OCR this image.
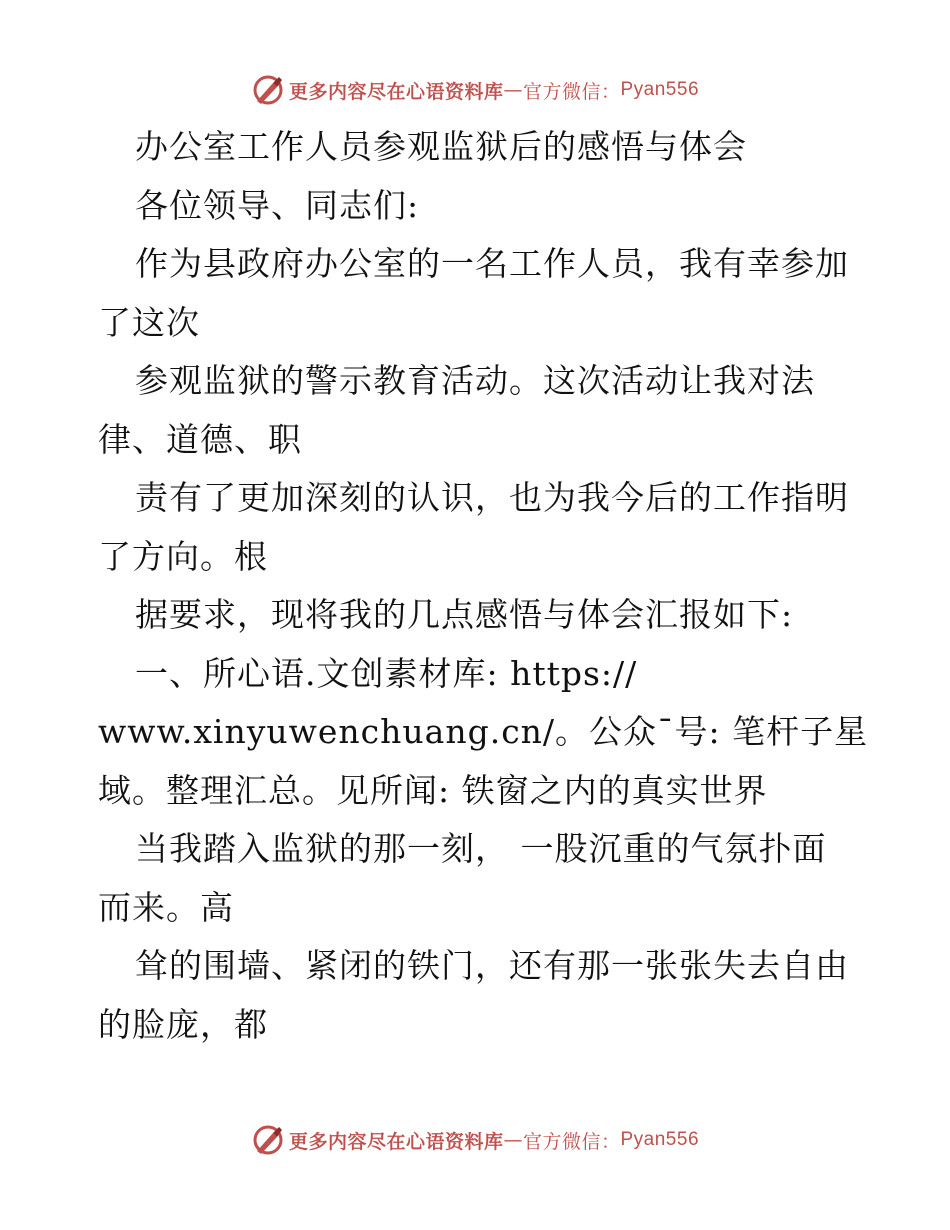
更多内容尽在心语资料库 — 官方微信： Pyan556
办公室工作人员参观监狱后的感悟与体会
各位领导、同志们:
作为县政府办公室的一名工作人员，我有幸参加
了这次
参观监狱的警示教育活动。这次活动让我对法
律、道德、职
责有了更加深刻的认识，也为我今后的工作指明
了方向。根
据要求，现将我的几点感悟与体会汇报如下:
一、所心语.文创素材库: https://
www.xinyuwenchuang.cn/。公众¯号: 笔杆子星
域。整理汇总。见所闻: 铁窗之内的真实世界
当我踏入监狱的那一刻， 一股沉重的气氛扑面
而来。高
耸的围墙、紧闭的铁门，还有那一张张失去自由
的脸庞，都
更多内容尽在心语资料库 — 官方微信： Pyan556
